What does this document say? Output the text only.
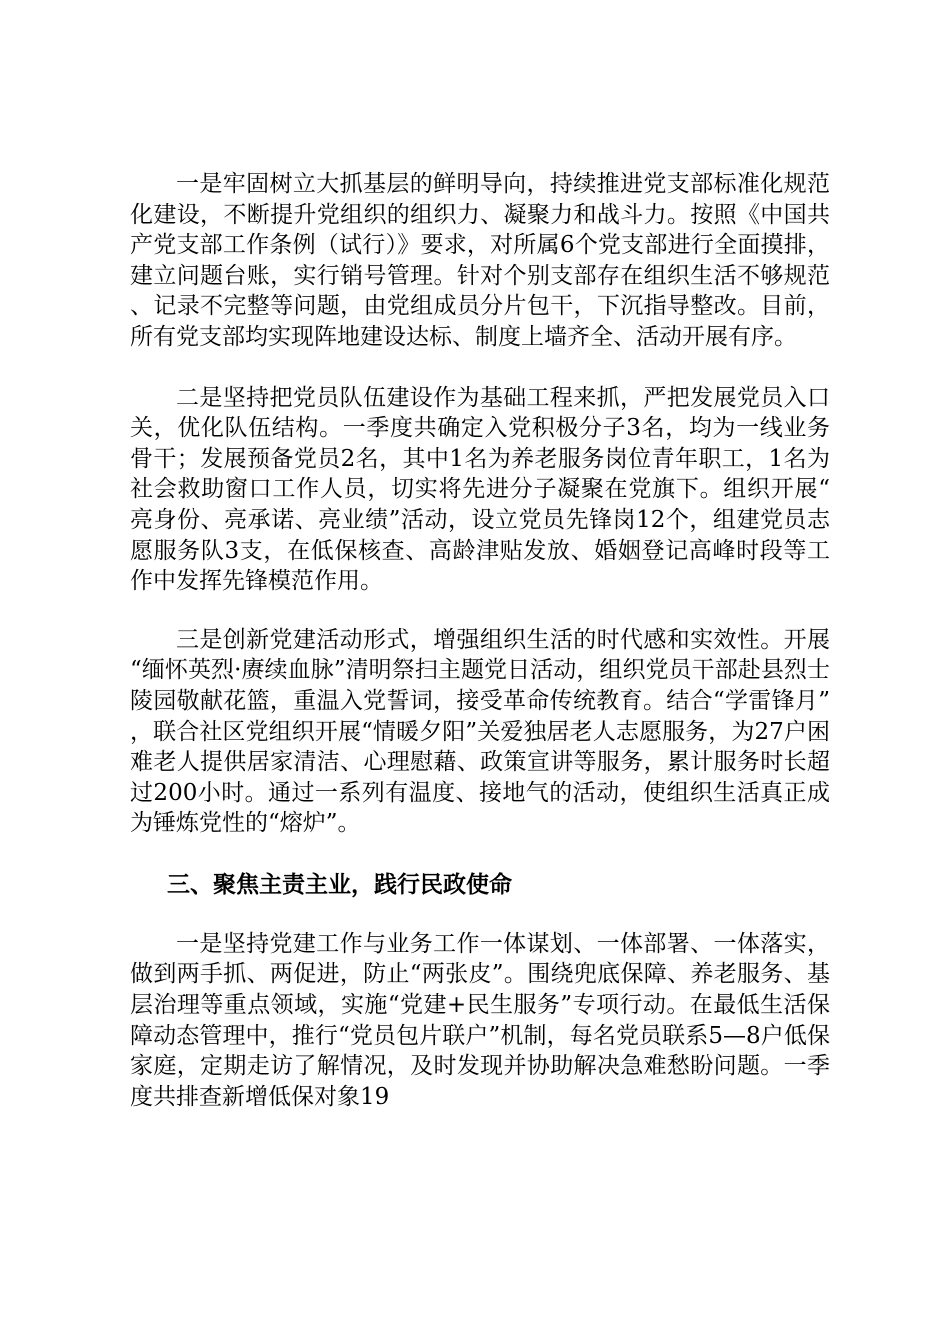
一是牢固树立大抓基层的鲜明导向，持续推进党支部标准化规范化建设，不断提升党组织的组织力、凝聚力和战斗力。按照《中国共产党支部工作条例（试行）》要求，对所属6个党支部进行全面摸排，建立问题台账，实行销号管理。针对个别支部存在组织生活不够规范、记录不完整等问题，由党组成员分片包干，下沉指导整改。目前，所有党支部均实现阵地建设达标、制度上墙齐全、活动开展有序。

二是坚持把党员队伍建设作为基础工程来抓，严把发展党员入口关，优化队伍结构。一季度共确定入党积极分子3名，均为一线业务骨干；发展预备党员2名，其中1名为养老服务岗位青年职工，1名为社会救助窗口工作人员，切实将先进分子凝聚在党旗下。组织开展“亮身份、亮承诺、亮业绩”活动，设立党员先锋岗12个，组建党员志愿服务队3支，在低保核查、高龄津贴发放、婚姻登记高峰时段等工作中发挥先锋模范作用。

三是创新党建活动形式，增强组织生活的时代感和实效性。开展“缅怀英烈·赓续血脉”清明祭扫主题党日活动，组织党员干部赴县烈士陵园敬献花篮，重温入党誓词，接受革命传统教育。结合“学雷锋月”，联合社区党组织开展“情暖夕阳”关爱独居老人志愿服务，为27户困难老人提供居家清洁、心理慰藉、政策宣讲等服务，累计服务时长超过200小时。通过一系列有温度、接地气的活动，使组织生活真正成为锤炼党性的“熔炉”。

三、聚焦主责主业，践行民政使命

一是坚持党建工作与业务工作一体谋划、一体部署、一体落实，做到两手抓、两促进，防止“两张皮”。围绕兜底保障、养老服务、基层治理等重点领域，实施“党建+民生服务”专项行动。在最低生活保障动态管理中，推行“党员包片联户”机制，每名党员联系5—8户低保家庭，定期走访了解情况，及时发现并协助解决急难愁盼问题。一季度共排查新增低保对象19
